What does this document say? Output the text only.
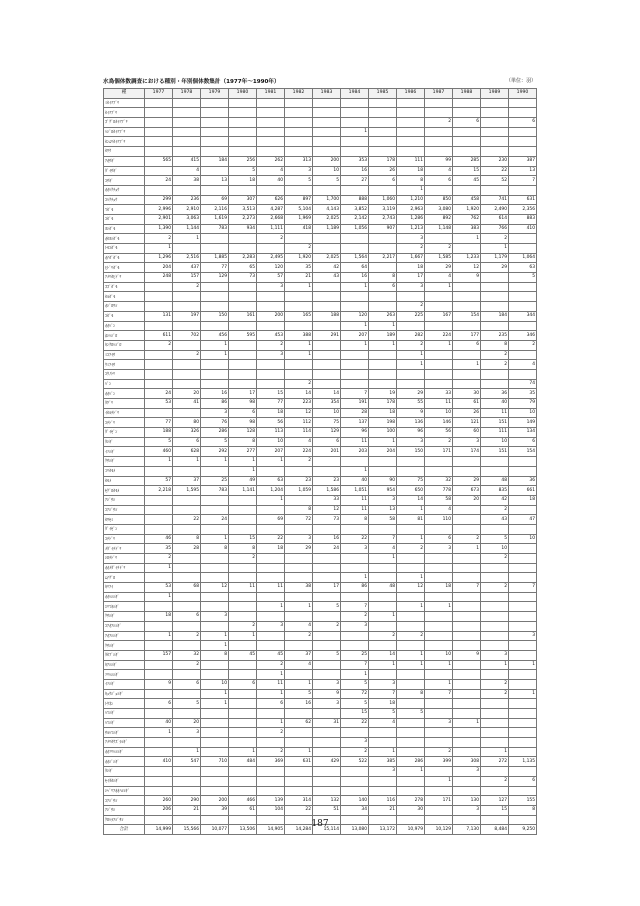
水鳥個体数調査における種別・年別個体数集計（1977年〜1990年）	（単位：羽）
種	1977	1978	1979	1980	1981	1982	1983	1984	1985	1986	1987	1988	1989	1990
ﾐｶｲﾂﾌﾞﾘ														
ｶｲﾂﾌﾞﾘ														
ｽﾞｸﾞﾛｶｲﾂﾌﾞﾘ											2	6		6
ﾊｼﾞﾛｶｲﾂﾌﾞﾘ								1						
ｶﾝﾑﾘｶｲﾂﾌﾞﾘ														
ｶﾜｳ														
ｱｵｻｷﾞ	565	415	184	256	262	313	200	353	178	111	99	285	230	387
ﾀﾞｲｻｷﾞ		4		5	4	3	10	16	26	18	4	15	22	13
ｺｻｷﾞ	24	38	13	18	40	5	5	27	6	8	6	45	52	7
ｵｵﾊｸﾁｮｳ										1				
ｺﾊｸﾁｮｳ	299	236	69	307	626	897	1,700	888	1,060	1,210	850	458	741	631
ﾏｶﾞﾓ	2,996	2,910	2,116	3,513	4,287	5,104	4,143	3,852	3,119	2,963	3,080	1,920	2,490	2,356
ｺｶﾞﾓ	2,901	3,063	1,619	2,273	2,668	1,969	2,025	2,142	2,743	1,286	892	762	614	883
ﾖｼｶﾞﾓ	1,390	1,144	783	934	1,111	418	1,189	1,056	907	1,213	1,148	383	766	410
ｵｶﾖｼｶﾞﾓ	2	1			2					3		1	2	
ﾄﾓｴｶﾞﾓ	1					2				2	2		1	
ｵﾅｶﾞｶﾞﾓ	1,296	2,516	1,885	2,283	2,495	1,920	2,025	1,564	2,217	1,667	1,585	1,233	1,179	1,064
ﾋﾄﾞﾘｶﾞﾓ	204	437	77	65	120	35	42	64		18	29	12	29	63
ｱﾒﾘｶﾋﾄﾞﾘ	248	157	129	73	57	21	43	16	8	17	4	9		5
ｽｽﾞｶﾞﾓ		2			3	1		1	6	3	1			
ｶﾙｶﾞﾓ														
ｵｼﾞﾛﾜｼ										2				
ｺｶﾞﾓ	131	197	150	161	200	165	188	120	263	225	167	154	184	344
ｵｵﾊﾞﾝ								1	1					
ﾎｼﾊｼﾞﾛ	611	702	456	595	453	388	291	207	189	282	224	177	235	346
ｷﾝｸﾛﾊｼﾞﾛ	2		1		2	1		1	1	2	1	6	8	2
ﾐｺｱｲｻ		2	1		3	1				1			2	
ｳﾐｱｲｻ										1		1	2	4
ｺｳﾉﾄﾘ														
ﾊﾞﾝ						2								74
ｵｵﾊﾞﾝ	24	20	16	17	15	14	14	7	19	29	33	30	36	35
ﾀｹﾞﾘ	53	41	86	98	77	223	354	191	178	55	11	61	40	79
ｲｶﾙﾁﾄﾞﾘ			3	6	18	12	10	28	18	9	10	26	11	10
ｺﾁﾄﾞﾘ	77	80	76	98	56	112	75	137	198	136	146	121	151	149
ﾀﾞｲｾﾞﾝ	188	326	286	128	113	114	129	96	100	96	56	60	111	134
ﾀｼｷﾞ	5	6	5	8	10	4	6	11	1	3	2	3	10	6
ｲｿｼｷﾞ	460	628	292	277	207	224	201	203	204	150	171	174	151	154
ｸｻｼｷﾞ	1	1	1	1	1	2								
ﾕﾘｶﾓﾒ				1				1						
ｶﾓﾒ	57	37	25	49	63	23	23	40	90	75	32	29	48	36
ｾｸﾞﾛｶﾓﾒ	2,218	1,595	783	1,141	1,204	1,059	1,586	1,051	954	650	778	673	835	661
ｱｼﾞｻｼ					1		33	11	3	14	58	20	42	18
ｺｱｼﾞｻｼ						8	12	11	13	1	4		2	
ｶﾜｾﾐ		22	24		69	72	73	8	58	81	110		43	47
ﾀﾞｲｾﾞﾝ														
ｺﾁﾄﾞﾘ	46	8	1	15	22	3	16	22	7	1	6	2	5	10
ﾒﾀﾞｲﾁﾄﾞﾘ	35	28	8	8	18	29	24	3	4	2	3	1	10	
ｼﾛﾁﾄﾞﾘ	2			2					1				2	
ｵｵﾒﾀﾞｲﾁﾄﾞﾘ	1													
ﾑﾅｸﾞﾛ								1		1				
ｷﾘｱｲ	53	68	12	11	11	38	17	86	48	12	18	7	2	7
ｵｵﾊｼｼｷﾞ	1													
ｴﾘﾏｷｼｷﾞ					1	1	5	7		1	1			
ｸｻｼｷﾞ	18	6	3					2	1					
ｺｱｵｱｼｼｷﾞ				2	3	4	2	3						
ｱｵｱｼｼｷﾞ	1	2	1	1		2			2	2				3
ｸｻｼｷﾞ			1											
ﾀｶﾌﾞｼｷﾞ	157	32	8	45	45	37	5	25	14	1	10	9	3	
ｷｱｼｼｷﾞ		2			2	4		7	1	1	1		1	1
ｿﾘﾊｼｼｷﾞ					1			1						
ｲｿｼｷﾞ	9	6	10	6	11	1	3	5	3		1		2	
ｷｮｳｼﾞｮｼｷﾞ			1		1	5	9	72	7	8	7		2	1
ﾄｳﾈﾝ	6	5	1		6	16	3	5	18					
ﾊﾏｼｷﾞ								15	5	5				
ﾊﾏｼｷﾞ	40	20			1	62	31	22	4		3	1		
ｻﾙﾊﾏｼｷﾞ	1	3			2									
ｱﾒﾘｶｳｽﾞﾗｼｷﾞ								3						
ｵｵｿﾘﾊｼｼｷﾞ		1		1	2	1		2	1		2		1	
ｵｵｼﾞｼｷﾞ	410	547	710	484	369	631	429	522	385	286	399	308	272	1,135
ﾀｼｷﾞ									3	1		3		
ｾｲﾀｶｼｷﾞ											1		2	6
ｼﾍﾞﾘｱｵｵﾊｼｼｷﾞ														
ｺｱｼﾞｻｼ	260	290	200	466	139	314	132	140	116	278	171	130	127	155
ｱｼﾞｻｼ	206	21	39	61	104	22	51	34	21	30		3	15	8
ｸﾛﾊﾗｱｼﾞｻｼ														
合計	14,999	15,566	10,077	13,506	14,905	14,284	15,114	13,080	13,172	10,979	10,129	7,130	8,484	9,250
187
